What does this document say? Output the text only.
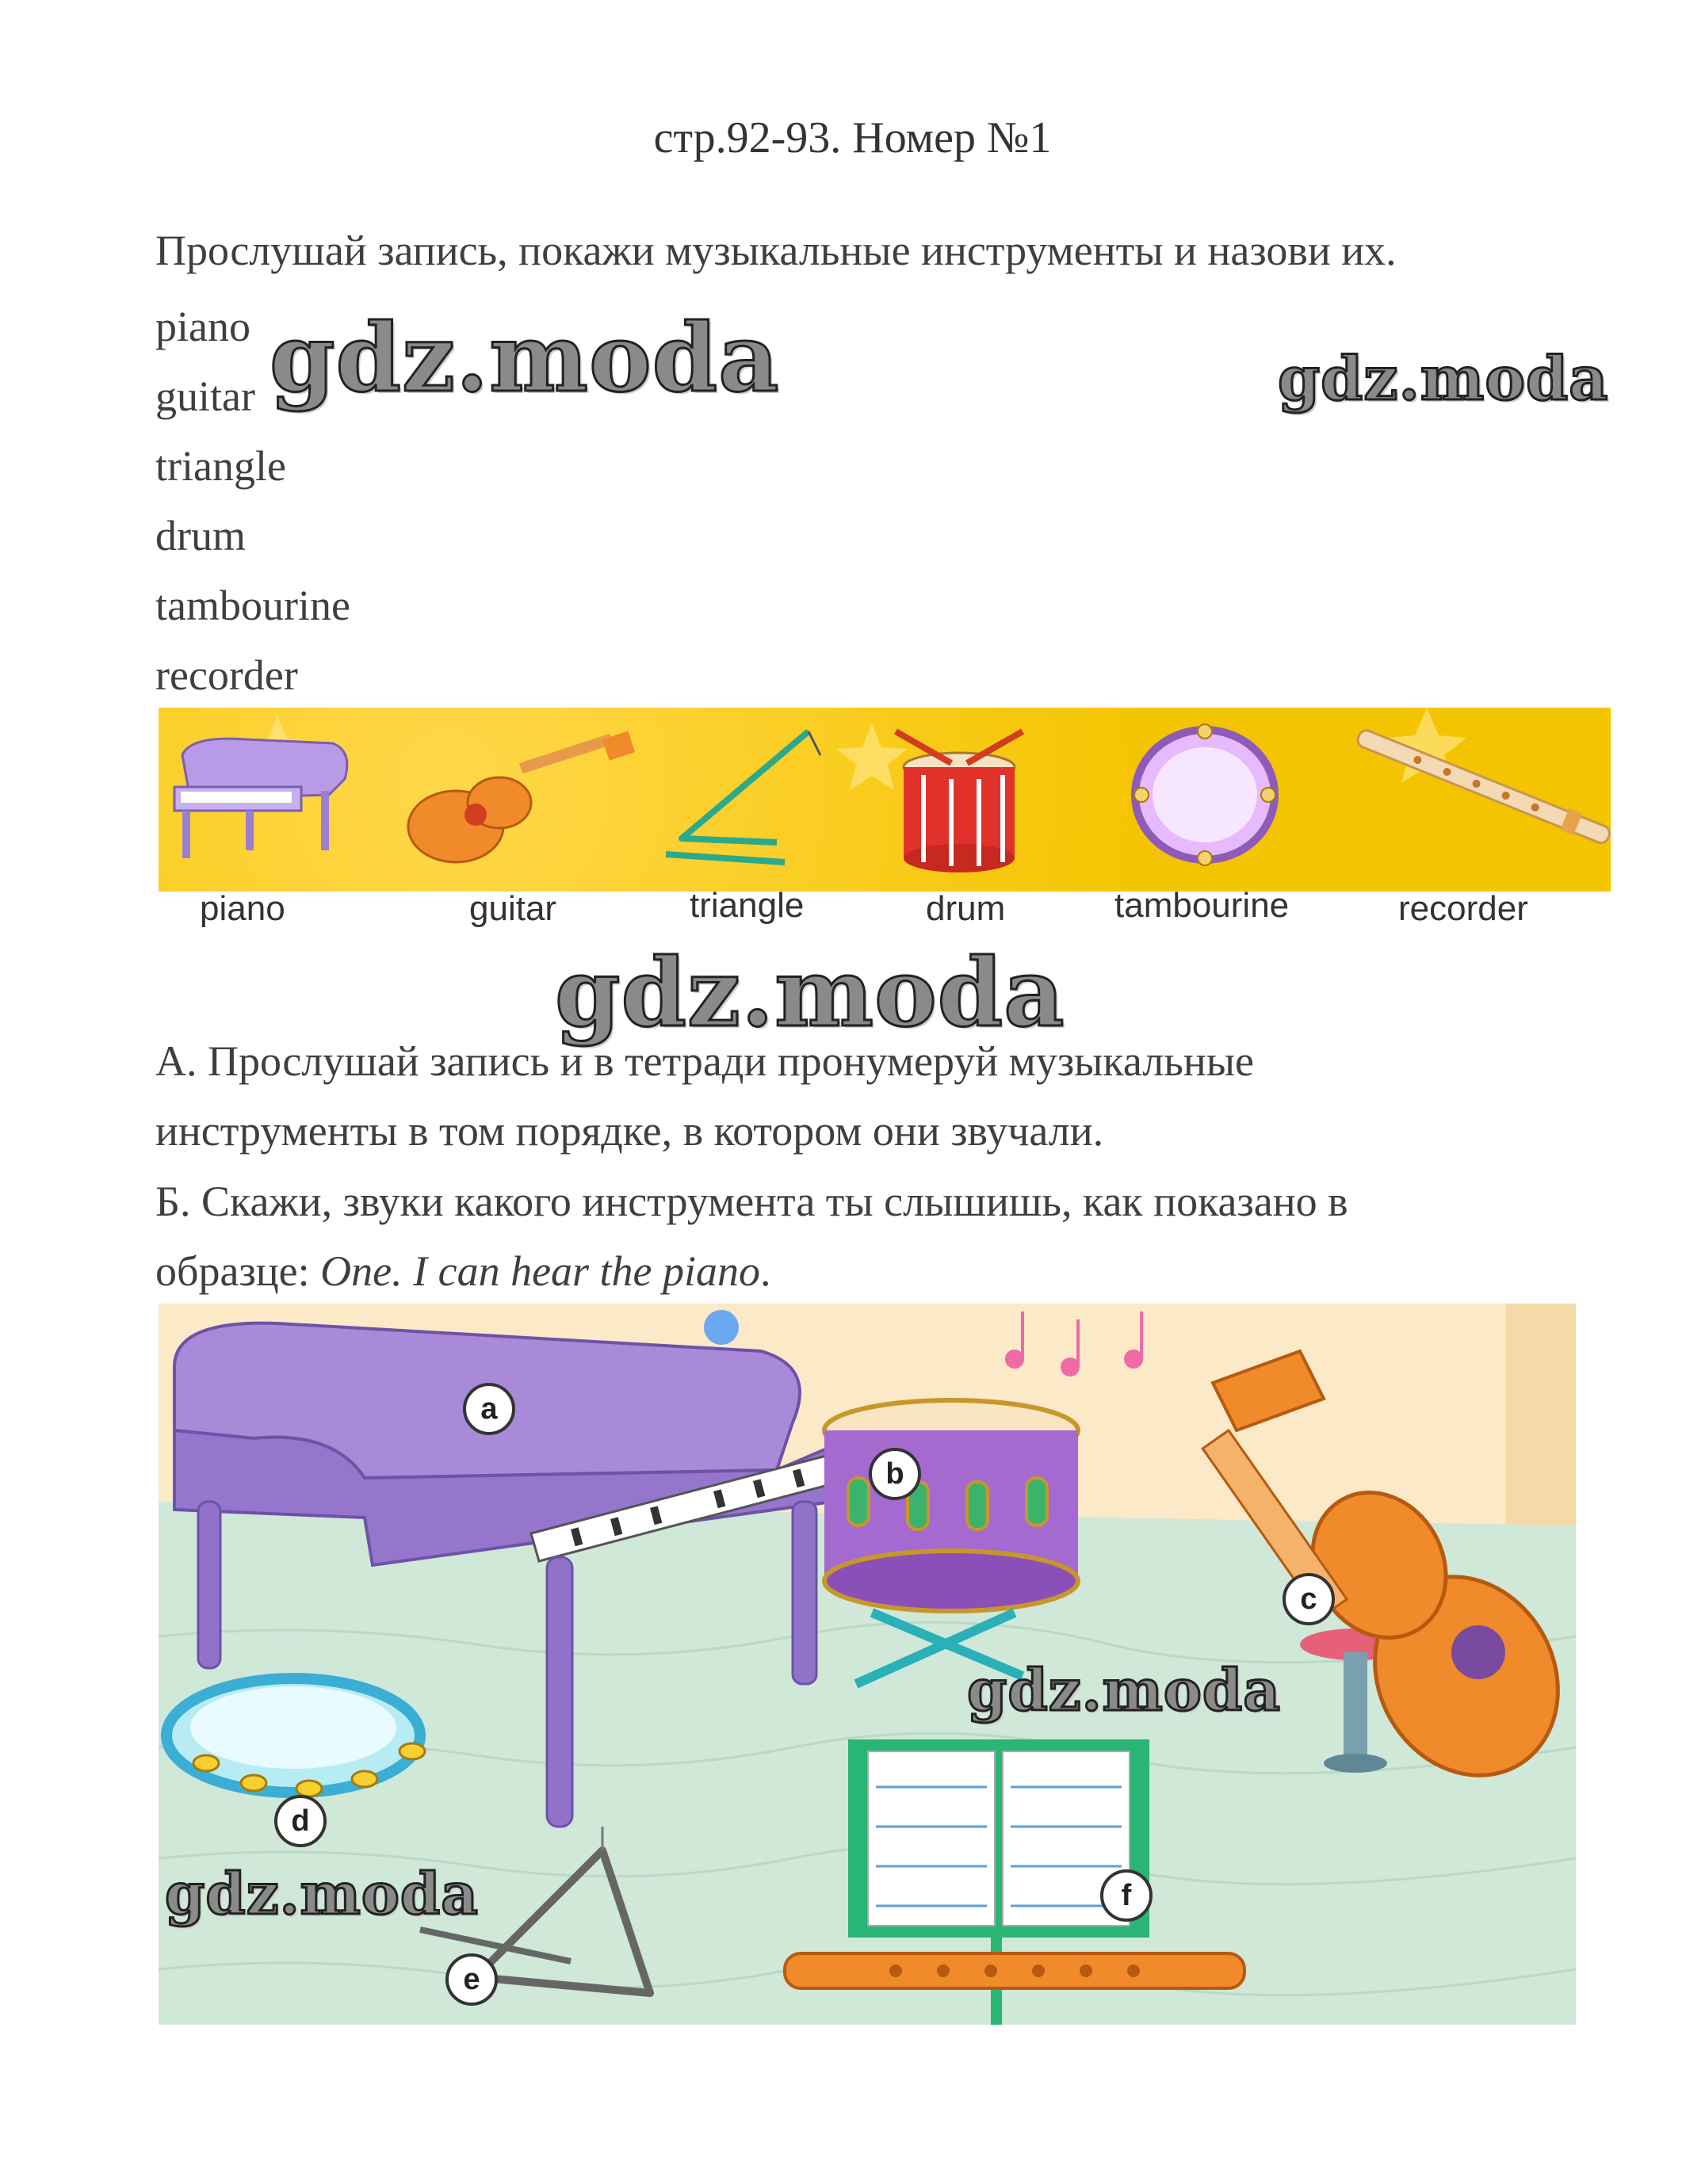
стр.92-93. Номер №1
Прослушай запись, покажи музыкальные инструменты и назови их.
piano
guitar
triangle
drum
tambourine
recorder
gdz.moda	gdz.moda
piano	guitar	triangle	drum	tambourine	recorder
gdz.moda
А. Прослушай запись и в тетради пронумеруй музыкальные
инструменты в том порядке, в котором они звучали.
Б. Скажи, звуки какого инструмента ты слышишь, как показано в
образце: One. I can hear the piano.
a
b
c
d
e
f
gdz.moda
gdz.moda
